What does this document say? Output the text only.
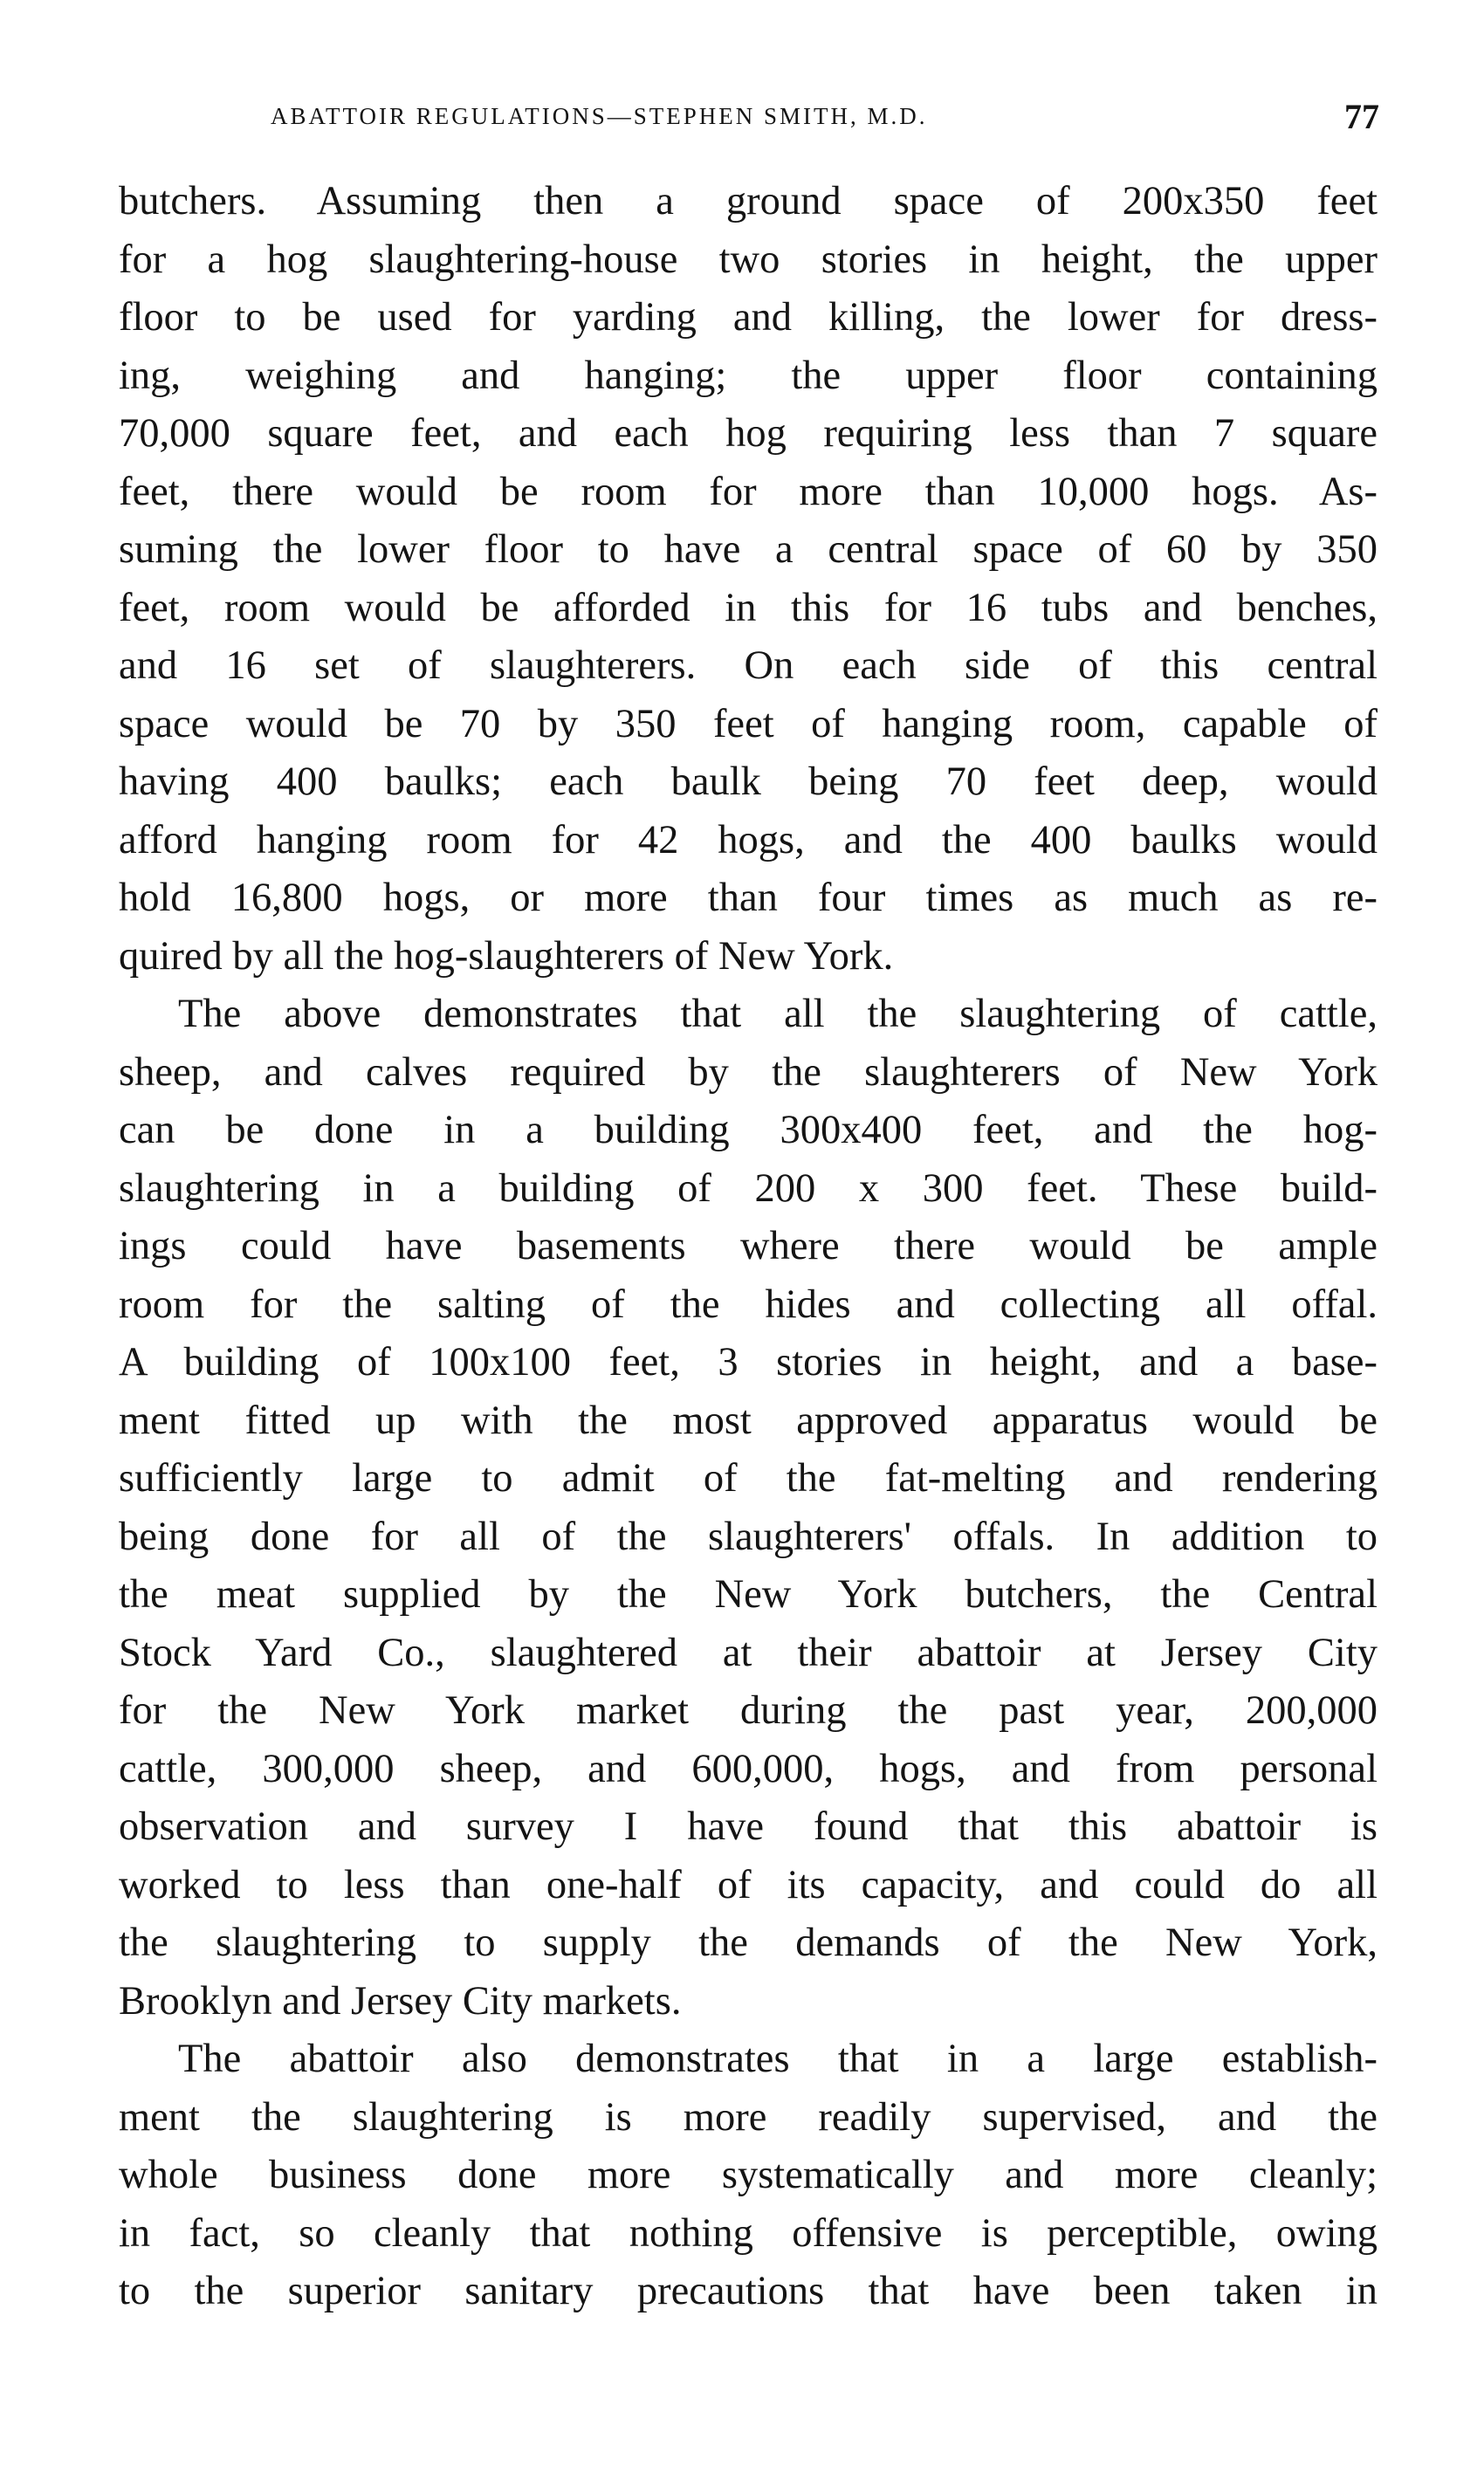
ABATTOIR REGULATIONS—STEPHEN SMITH, M.D.	77
butchers. Assuming then a ground space of 200x350 feet
for a hog slaughtering-house two stories in height, the upper
floor to be used for yarding and killing, the lower for dress-
ing, weighing and hanging; the upper floor containing
70,000 square feet, and each hog requiring less than 7 square
feet, there would be room for more than 10,000 hogs. As-
suming the lower floor to have a central space of 60 by 350
feet, room would be afforded in this for 16 tubs and benches,
and 16 set of slaughterers. On each side of this central
space would be 70 by 350 feet of hanging room, capable of
having 400 baulks; each baulk being 70 feet deep, would
afford hanging room for 42 hogs, and the 400 baulks would
hold 16,800 hogs, or more than four times as much as re-
quired by all the hog-slaughterers of New York.
The above demonstrates that all the slaughtering of cattle,
sheep, and calves required by the slaughterers of New York
can be done in a building 300x400 feet, and the hog-
slaughtering in a building of 200 x 300 feet. These build-
ings could have basements where there would be ample
room for the salting of the hides and collecting all offal.
A building of 100x100 feet, 3 stories in height, and a base-
ment fitted up with the most approved apparatus would be
sufficiently large to admit of the fat-melting and rendering
being done for all of the slaughterers' offals. In addition to
the meat supplied by the New York butchers, the Central
Stock Yard Co., slaughtered at their abattoir at Jersey City
for the New York market during the past year, 200,000
cattle, 300,000 sheep, and 600,000, hogs, and from personal
observation and survey I have found that this abattoir is
worked to less than one-half of its capacity, and could do all
the slaughtering to supply the demands of the New York,
Brooklyn and Jersey City markets.
The abattoir also demonstrates that in a large establish-
ment the slaughtering is more readily supervised, and the
whole business done more systematically and more cleanly;
in fact, so cleanly that nothing offensive is perceptible, owing
to the superior sanitary precautions that have been taken in
